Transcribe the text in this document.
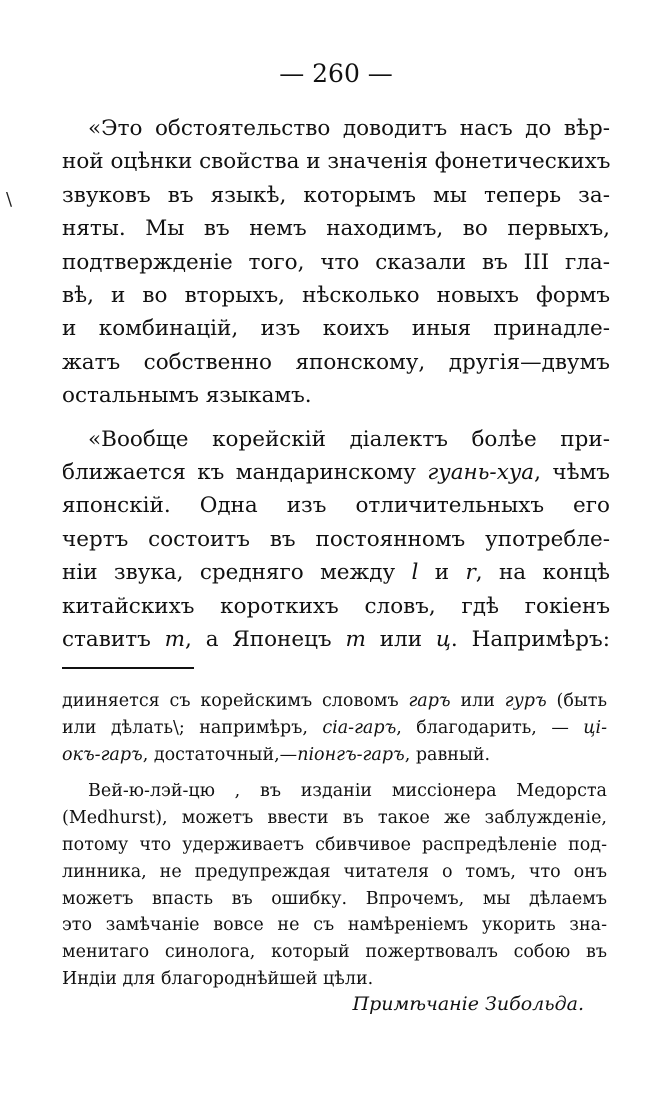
— 260 —
\
«Это обстоятельство доводитъ насъ до вѣр-
ной оцѣнки свойства и значенія фонетическихъ
звуковъ въ языкѣ, которымъ мы теперь за-
няты. Мы въ немъ находимъ, во первыхъ,
подтвержденіе того, что сказали въ III гла-
вѣ, и во вторыхъ, нѣсколько новыхъ формъ
и комбинацій, изъ коихъ иныя принадле-
жатъ собственно японскому, другія—двумъ
остальнымъ языкамъ.
«Вообще корейскій діалектъ болѣе при-
ближается къ мандаринскому гуань-хуа, чѣмъ
японскій. Одна изъ отличительныхъ его
чертъ состоитъ въ постоянномъ употребле-
ніи звука, средняго между l и r, на концѣ
китайскихъ короткихъ словъ, гдѣ гокіенъ
ставитъ т, а Японецъ т или ц. Напримѣръ:
дииняется съ корейскимъ словомъ гаръ или гуръ (быть
или дѣлать\; напримѣръ, сіа-гаръ, благодарить, — ці-
окъ-гаръ, достаточный,—піонгъ-гаръ, равный.
Вей-ю-лэй-цю , въ изданіи миссіонера Медорста
(Medhurst), можетъ ввести въ такое же заблужденіе,
потому что удерживаетъ сбивчивое распредѣленіе под-
линника, не предупреждая читателя о томъ, что онъ
можетъ впасть въ ошибку. Впрочемъ, мы дѣлаемъ
это замѣчаніе вовсе не съ намѣреніемъ укорить зна-
менитаго синолога, который пожертвовалъ собою въ
Индіи для благороднѣйшей цѣли.
Примѣчаніе Зибольда.
